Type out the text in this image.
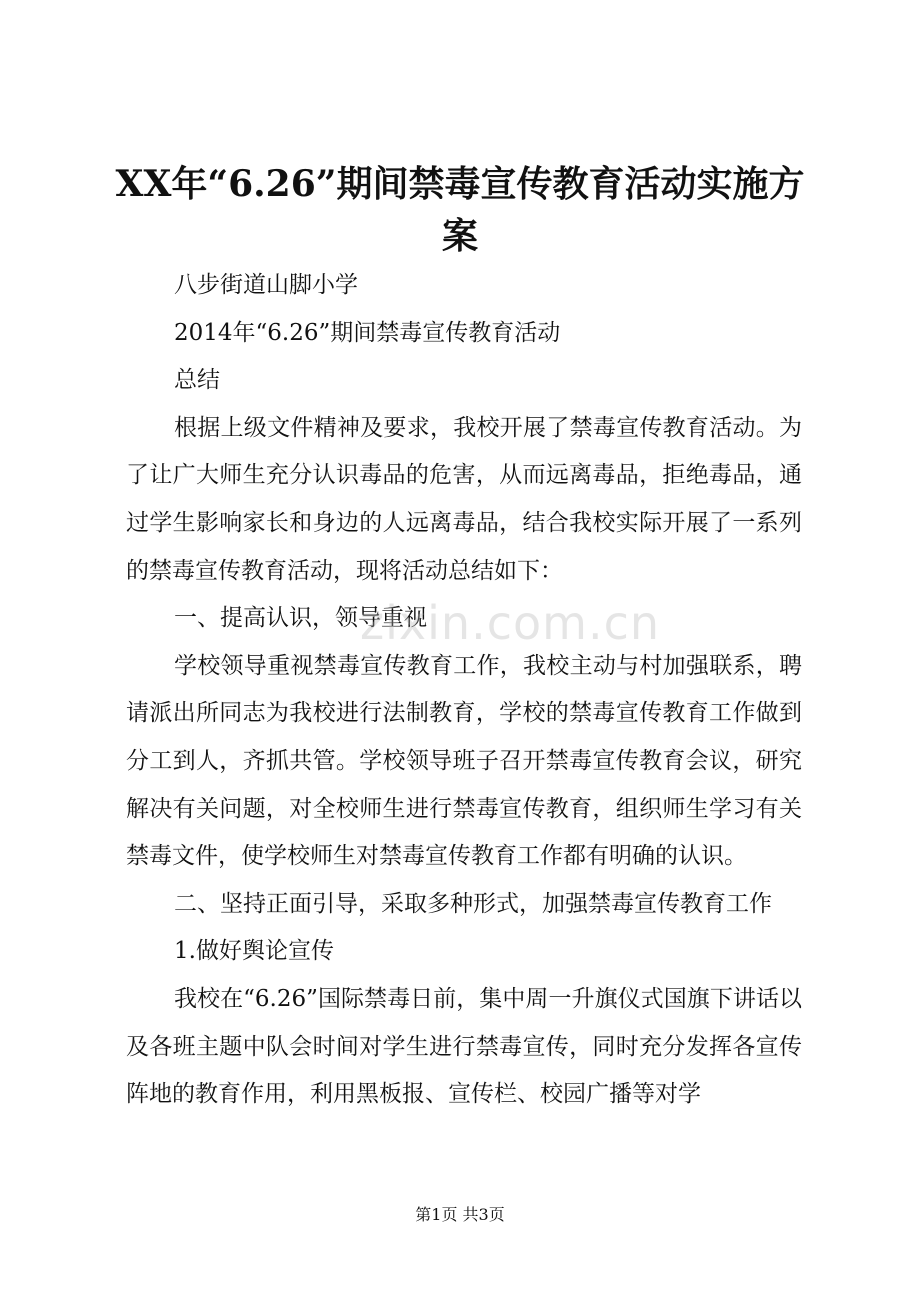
XX年“6.26”期间禁毒宣传教育活动实施方
案

八步街道山脚小学

2014年“6.26”期间禁毒宣传教育活动

总结

根据上级文件精神及要求，我校开展了禁毒宣传教育活动。为了让广大师生充分认识毒品的危害，从而远离毒品，拒绝毒品，通过学生影响家长和身边的人远离毒品，结合我校实际开展了一系列的禁毒宣传教育活动，现将活动总结如下：

一、提高认识，领导重视

学校领导重视禁毒宣传教育工作，我校主动与村加强联系，聘请派出所同志为我校进行法制教育，学校的禁毒宣传教育工作做到分工到人，齐抓共管。学校领导班子召开禁毒宣传教育会议，研究解决有关问题，对全校师生进行禁毒宣传教育，组织师生学习有关禁毒文件，使学校师生对禁毒宣传教育工作都有明确的认识。

二、坚持正面引导，采取多种形式，加强禁毒宣传教育工作

1.做好舆论宣传

我校在“6.26”国际禁毒日前，集中周一升旗仪式国旗下讲话以及各班主题中队会时间对学生进行禁毒宣传，同时充分发挥各宣传阵地的教育作用，利用黑板报、宣传栏、校园广播等对学

zixin.com.cn
第1页 共3页
